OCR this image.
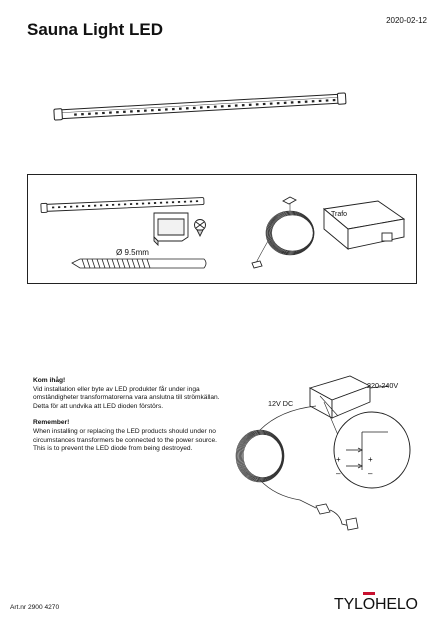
Sauna Light LED	2020-02-12
Ø 9.5mm
Trafo
Kom ihåg!

Vid installation eller byte av LED produkter får under inga omständigheter transformatorerna vara anslutna till strömkällan. Detta för att undvika att LED dioden förstörs.

Remember!

When installing or replacing the LED products should under no circumstances transformers be connected to the power source. This is to prevent the LED diode from being destroyed.

+
–
+
–
220-240V
12V DC
Art.nr 2900 4270	TYL
OHELO
